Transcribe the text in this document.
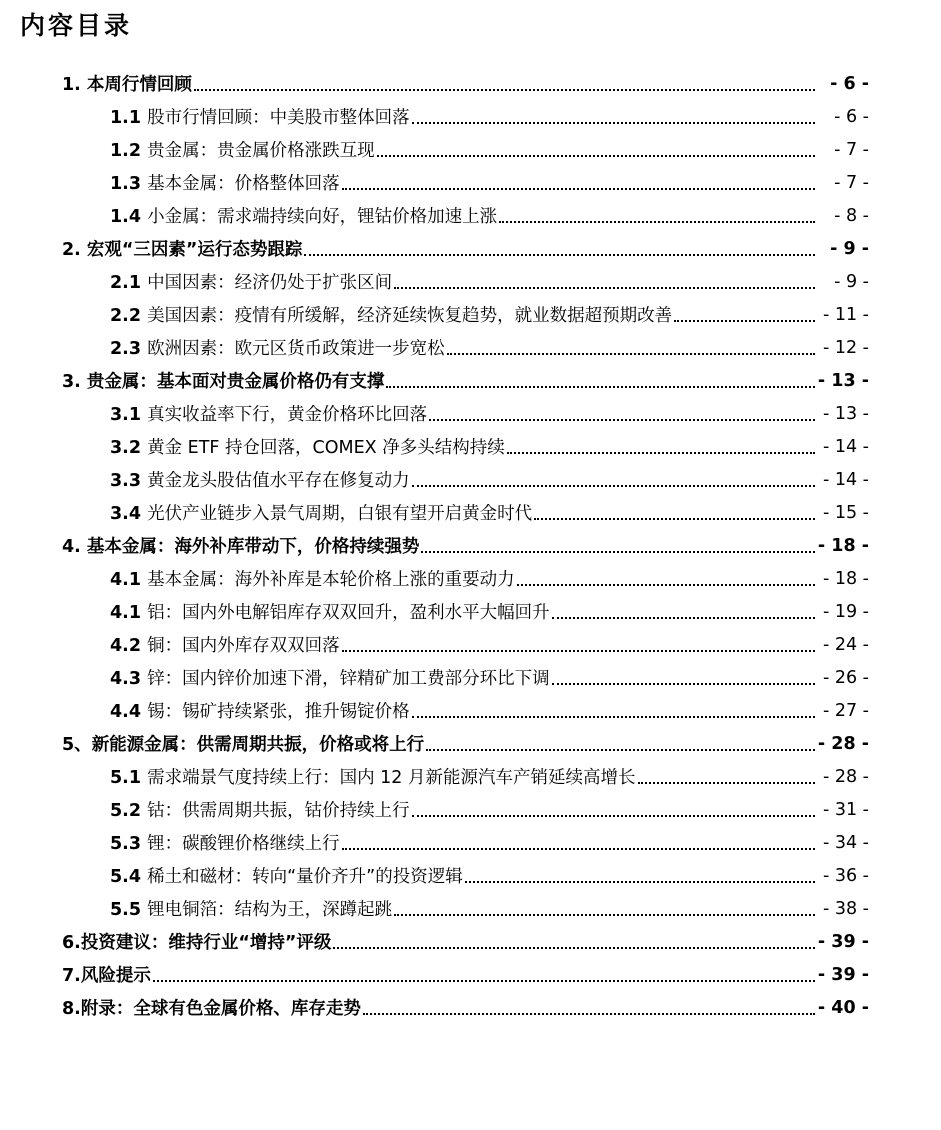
内容目录
1. 本周行情回顾	- 6 -
1.1 股市行情回顾：中美股市整体回落	- 6 -
1.2 贵金属：贵金属价格涨跌互现	- 7 -
1.3 基本金属：价格整体回落	- 7 -
1.4 小金属：需求端持续向好，锂钴价格加速上涨	- 8 -
2. 宏观“三因素”运行态势跟踪	- 9 -
2.1 中国因素：经济仍处于扩张区间	- 9 -
2.2 美国因素：疫情有所缓解，经济延续恢复趋势，就业数据超预期改善	- 11 -
2.3 欧洲因素：欧元区货币政策进一步宽松	- 12 -
3. 贵金属：基本面对贵金属价格仍有支撑	- 13 -
3.1 真实收益率下行，黄金价格环比回落	- 13 -
3.2 黄金 ETF 持仓回落，COMEX 净多头结构持续	- 14 -
3.3 黄金龙头股估值水平存在修复动力	- 14 -
3.4 光伏产业链步入景气周期，白银有望开启黄金时代	- 15 -
4. 基本金属：海外补库带动下，价格持续强势	- 18 -
4.1 基本金属：海外补库是本轮价格上涨的重要动力	- 18 -
4.1 铝：国内外电解铝库存双双回升，盈利水平大幅回升	- 19 -
4.2 铜：国内外库存双双回落	- 24 -
4.3 锌：国内锌价加速下滑，锌精矿加工费部分环比下调	- 26 -
4.4 锡：锡矿持续紧张，推升锡锭价格	- 27 -
5、新能源金属：供需周期共振，价格或将上行	- 28 -
5.1 需求端景气度持续上行：国内 12 月新能源汽车产销延续高增长	- 28 -
5.2 钴：供需周期共振，钴价持续上行	- 31 -
5.3 锂：碳酸锂价格继续上行	- 34 -
5.4 稀土和磁材：转向“量价齐升”的投资逻辑	- 36 -
5.5 锂电铜箔：结构为王，深蹲起跳	- 38 -
6.投资建议：维持行业“增持”评级	- 39 -
7.风险提示	- 39 -
8.附录：全球有色金属价格、库存走势	- 40 -
